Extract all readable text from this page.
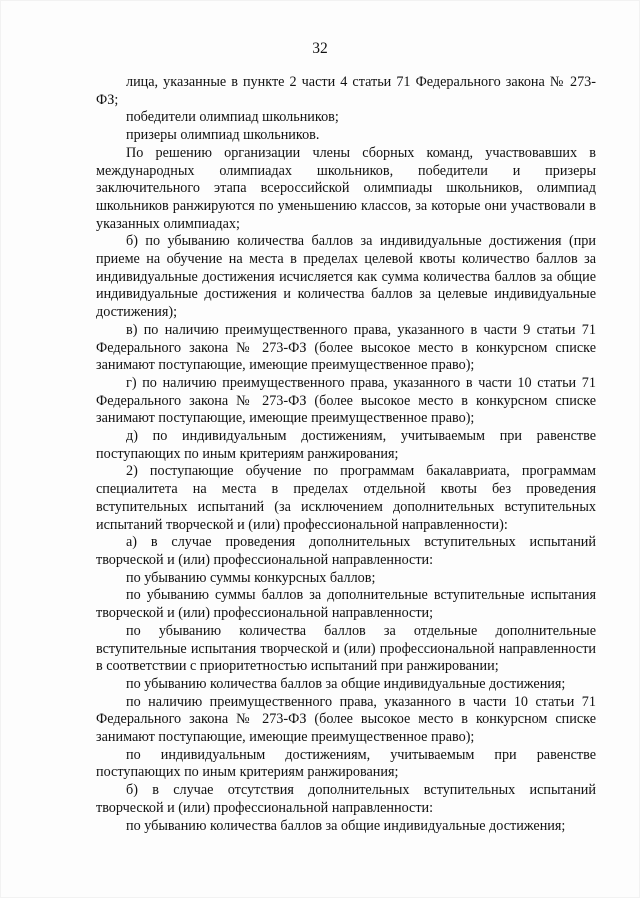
32

лица, указанные в пункте 2 части 4 статьи 71 Федерального закона № 273-ФЗ;

победители олимпиад школьников;

призеры олимпиад школьников.

По решению организации члены сборных команд, участвовавших в международных олимпиадах школьников, победители и призеры заключительного этапа всероссийской олимпиады школьников, олимпиад школьников ранжируются по уменьшению классов, за которые они участвовали в указанных олимпиадах;

б) по убыванию количества баллов за индивидуальные достижения (при приеме на обучение на места в пределах целевой квоты количество баллов за индивидуальные достижения исчисляется как сумма количества баллов за общие индивидуальные достижения и количества баллов за целевые индивидуальные достижения);

в) по наличию преимущественного права, указанного в части 9 статьи 71 Федерального закона № 273-ФЗ (более высокое место в конкурсном списке занимают поступающие, имеющие преимущественное право);

г) по наличию преимущественного права, указанного в части 10 статьи 71 Федерального закона № 273-ФЗ (более высокое место в конкурсном списке занимают поступающие, имеющие преимущественное право);

д) по индивидуальным достижениям, учитываемым при равенстве поступающих по иным критериям ранжирования;

2) поступающие обучение по программам бакалавриата, программам специалитета на места в пределах отдельной квоты без проведения вступительных испытаний (за исключением дополнительных вступительных испытаний творческой и (или) профессиональной направленности):

а) в случае проведения дополнительных вступительных испытаний творческой и (или) профессиональной направленности:

по убыванию суммы конкурсных баллов;

по убыванию суммы баллов за дополнительные вступительные испытания творческой и (или) профессиональной направленности;

по убыванию количества баллов за отдельные дополнительные вступительные испытания творческой и (или) профессиональной направленности в соответствии с приоритетностью испытаний при ранжировании;

по убыванию количества баллов за общие индивидуальные достижения;

по наличию преимущественного права, указанного в части 10 статьи 71 Федерального закона № 273-ФЗ (более высокое место в конкурсном списке занимают поступающие, имеющие преимущественное право);

по индивидуальным достижениям, учитываемым при равенстве поступающих по иным критериям ранжирования;

б) в случае отсутствия дополнительных вступительных испытаний творческой и (или) профессиональной направленности:

по убыванию количества баллов за общие индивидуальные достижения;
